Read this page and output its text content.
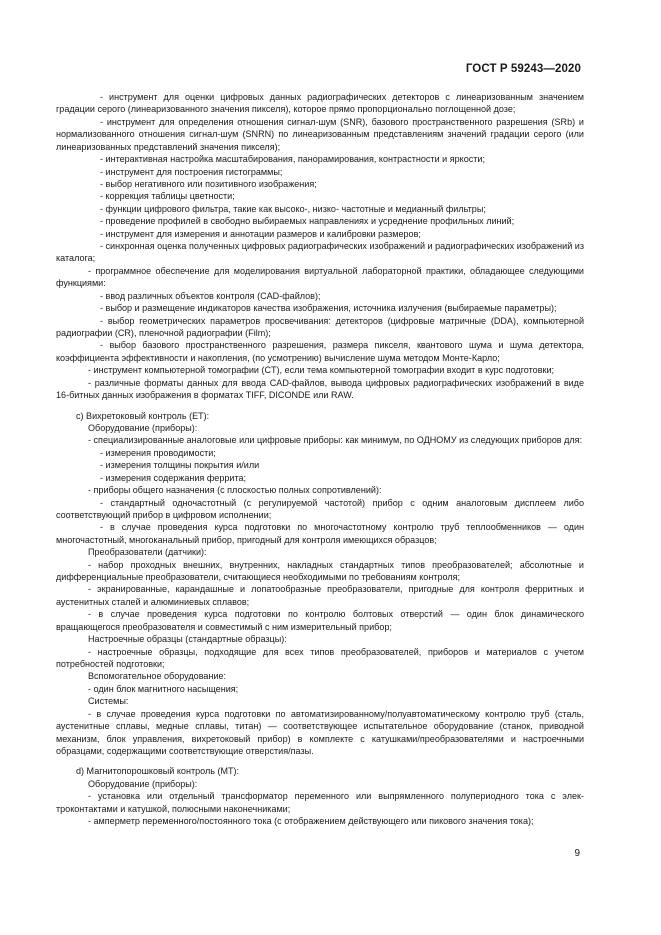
ГОСТ Р 59243—2020

- инструмент для оценки цифровых данных радиографических детекторов с линеаризованным значением градации серого (линеаризованного значения пикселя), которое прямо пропорционально поглощенной дозе;

- инструмент для определения отношения сигнал-шум (SNR), базового пространственного разрешения (SRb) и нормализованного отношения сигнал-шум (SNRN) по линеаризованным представлениям значений градации серого (или линеаризованных представлений значения пикселя);

- интерактивная настройка масштабирования, панорамирования, контрастности и яркости;

- инструмент для построения гистограммы;

- выбор негативного или позитивного изображения;

- коррекция таблицы цветности;

- функции цифрового фильтра, такие как высоко-, низко- частотные и медианный фильтры;

- проведение профилей в свободно выбираемых направлениях и усреднение профильных линий;

- инструмент для измерения и аннотации размеров и калибровки размеров;

- синхронная оценка полученных цифровых радиографических изображений и радиографических изображений из каталога;

- программное обеспечение для моделирования виртуальной лабораторной практики, обладающее следующими функциями:

- ввод различных объектов контроля (CAD-файлов);

- выбор и размещение индикаторов качества изображения, источника излучения (выбираемые параметры);

- выбор геометрических параметров просвечивания: детекторов (цифровые матричные (DDA), компьютерной радиографии (CR), пленочной радиографии (Film);

- выбор базового пространственного разрешения, размера пикселя, квантового шума и шума детектора, коэффициента эффективности и накопления, (по усмотрению) вычисление шума методом Монте-Карло;

- инструмент компьютерной томографии (CT), если тема компьютерной томографии входит в курс подготовки;

- различные форматы данных для ввода CAD-файлов, вывода цифровых радиографических изображений в виде 16-битных данных изображения в форматах TIFF, DICONDE или RAW.

c) Вихретоковый контроль (ET):

Оборудование (приборы):

- специализированные аналоговые или цифровые приборы: как минимум, по ОДНОМУ из следующих приборов для:

- измерения проводимости;

- измерения толщины покрытия и/или

- измерения содержания феррита;

- приборы общего назначения (с плоскостью полных сопротивлений):

- стандартный одночастотный (с регулируемой частотой) прибор с одним аналоговым дисплеем либо соответствующий прибор в цифровом исполнении;

- в случае проведения курса подготовки по многочастотному контролю труб теплообменников — один многочастотный, многоканальный прибор, пригодный для контроля имеющихся образцов;

Преобразователи (датчики):

- набор проходных внешних, внутренних, накладных стандартных типов преобразователей; абсолютные и дифференциальные преобразователи, считающиеся необходимыми по требованиям контроля;

- экранированные, карандашные и лопатообразные преобразователи, пригодные для контроля ферритных и аустенитных сталей и алюминиевых сплавов;

- в случае проведения курса подготовки по контролю болтовых отверстий — один блок динамического вращающегося преобразователя и совместимый с ним измерительный прибор;

Настроечные образцы (стандартные образцы):

- настроечные образцы, подходящие для всех типов преобразователей, приборов и материалов с учетом потребностей подготовки;

Вспомогательное оборудование:

- один блок магнитного насыщения;

Системы:

- в случае проведения курса подготовки по автоматизированному/полуавтоматическому контролю труб (сталь, аустенитные сплавы, медные сплавы, титан) — соответствующее испытательное оборудование (станок, приводной механизм, блок управления, вихретоковый прибор) в комплекте с катушками/преобразователями и настроечными образцами, содержащими соответствующие отверстия/пазы.

d) Магнитопорошковый контроль (MT):

Оборудование (приборы):

- установка или отдельный трансформатор переменного или выпрямленного полупериодного тока с электроконтактами и катушкой, полюсными наконечниками;

- амперметр переменного/постоянного тока (с отображением действующего или пикового значения тока);

9
